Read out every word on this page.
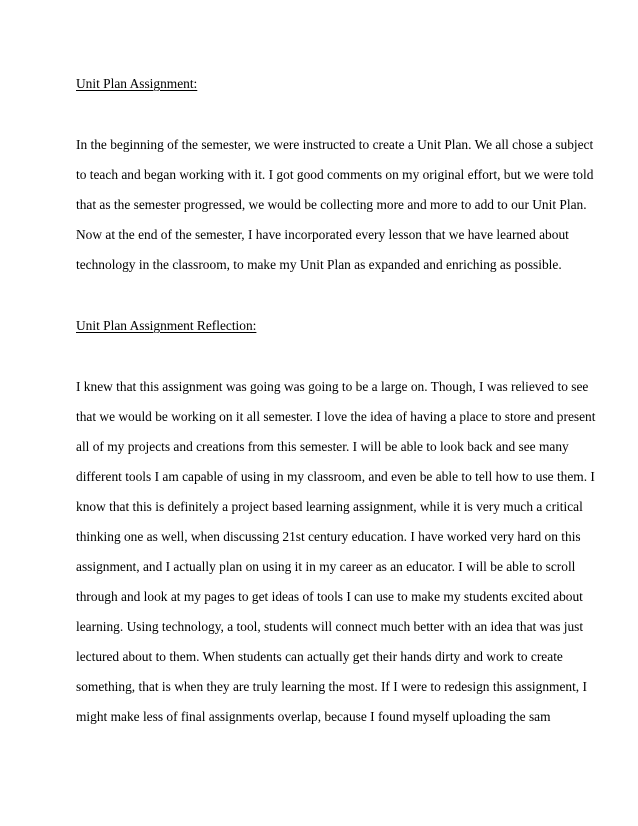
Unit Plan Assignment:
In the beginning of the semester, we were instructed to create a Unit Plan. We all chose a subject
to teach and began working with it. I got good comments on my original effort, but we were told
that as the semester progressed, we would be collecting more and more to add to our Unit Plan.
Now at the end of the semester, I have incorporated every lesson that we have learned about
technology in the classroom, to make my Unit Plan as expanded and enriching as possible.
Unit Plan Assignment Reflection:
I knew that this assignment was going was going to be a large on. Though, I was relieved to see
that we would be working on it all semester. I love the idea of having a place to store and present
all of my projects and creations from this semester. I will be able to look back and see many
different tools I am capable of using in my classroom, and even be able to tell how to use them. I
know that this is definitely a project based learning assignment, while it is very much a critical
thinking one as well, when discussing 21st century education. I have worked very hard on this
assignment, and I actually plan on using it in my career as an educator. I will be able to scroll
through and look at my pages to get ideas of tools I can use to make my students excited about
learning. Using technology, a tool, students will connect much better with an idea that was just
lectured about to them. When students can actually get their hands dirty and work to create
something, that is when they are truly learning the most. If I were to redesign this assignment, I
might make less of final assignments overlap, because I found myself uploading the sam
